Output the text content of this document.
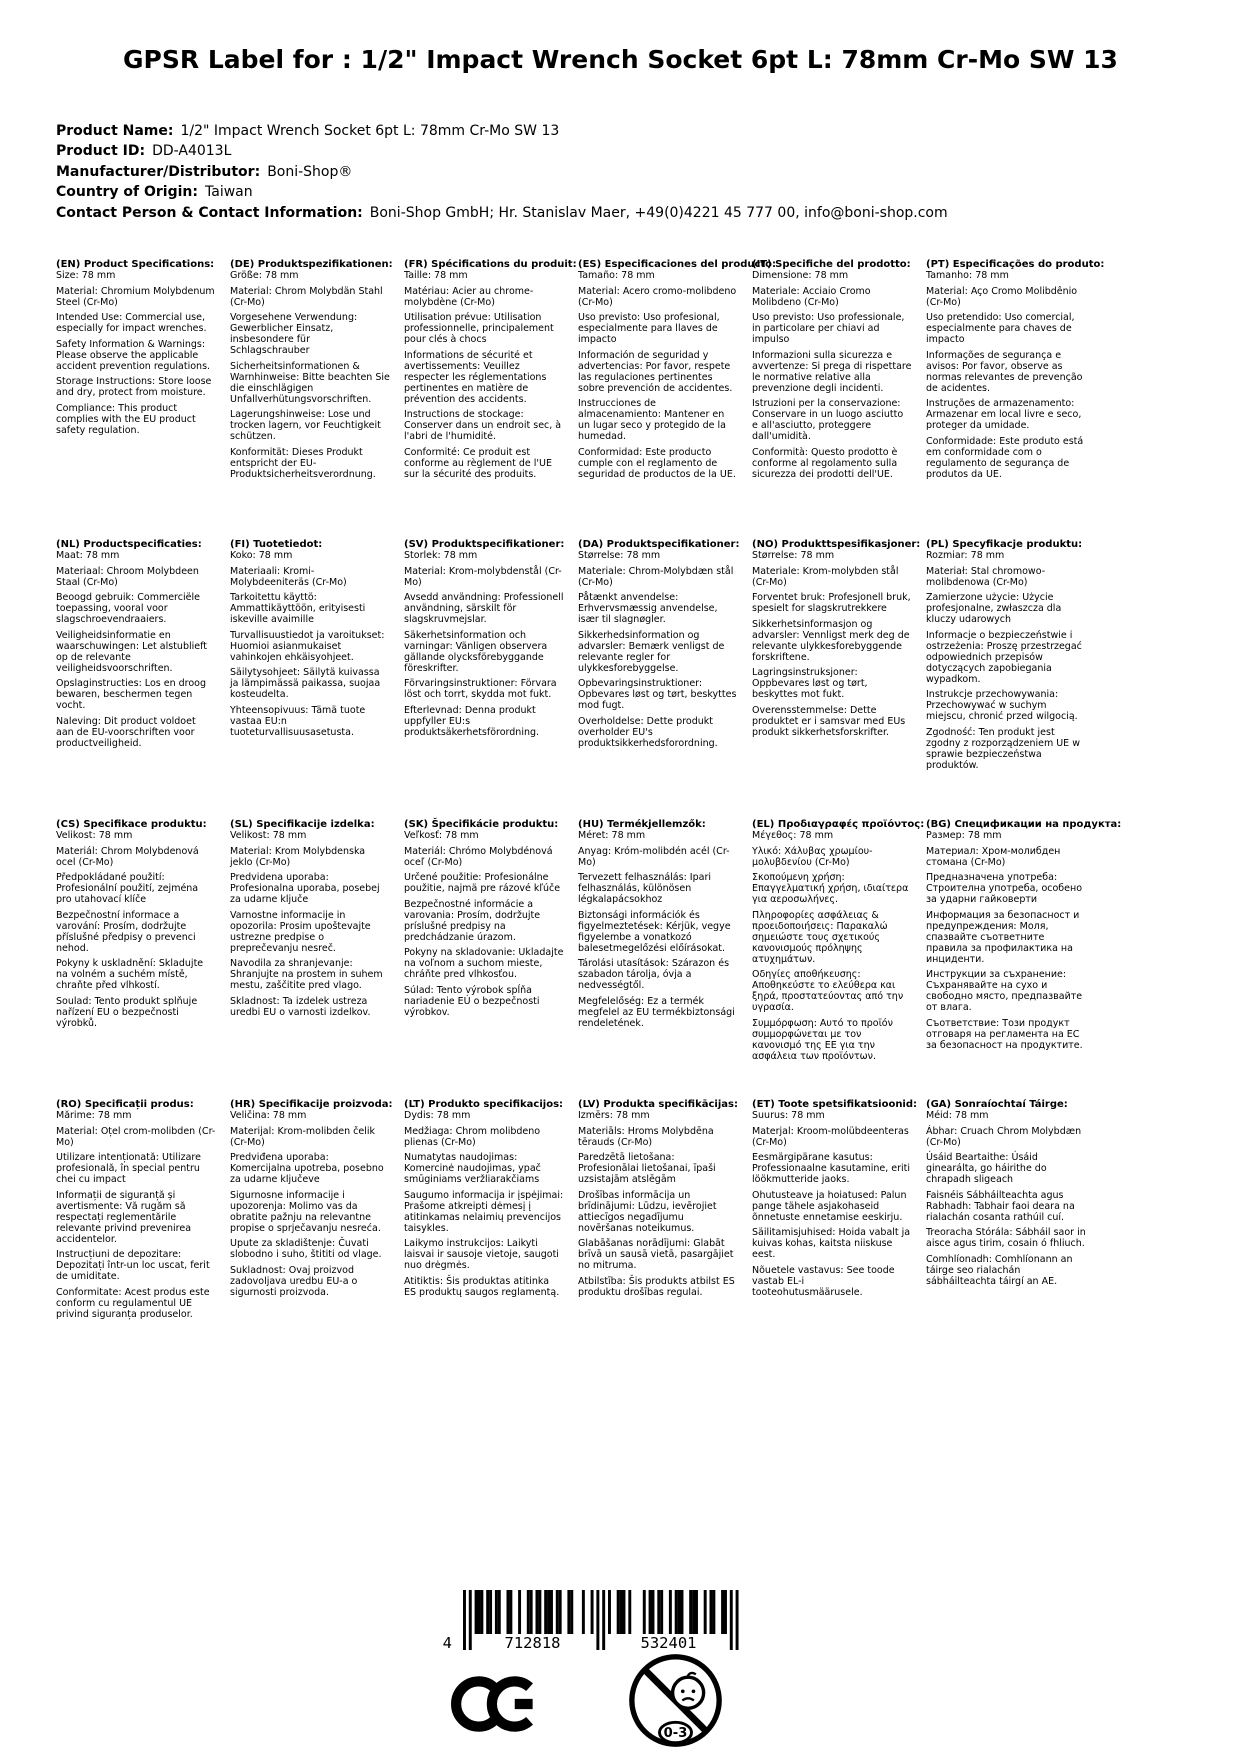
GPSR Label for : 1/2" Impact Wrench Socket 6pt L: 78mm Cr-Mo SW 13
Product Name: 1/2" Impact Wrench Socket 6pt L: 78mm Cr-Mo SW 13
Product ID: DD-A4013L
Manufacturer/Distributor: Boni-Shop®
Country of Origin: Taiwan
Contact Person & Contact Information: Boni-Shop GmbH; Hr. Stanislav Maer, +49(0)4221 45 777 00, info@boni-shop.com
(EN) Product Specifications:

Size: 78 mm

Material: Chromium Molybdenum Steel (Cr-Mo)

Intended Use: Commercial use, especially for impact wrenches.

Safety Information & Warnings: Please observe the applicable accident prevention regulations.

Storage Instructions: Store loose and dry, protect from moisture.

Compliance: This product complies with the EU product safety regulation.

(DE) Produktspezifikationen:

Größe: 78 mm

Material: Chrom Molybdän Stahl (Cr-Mo)

Vorgesehene Verwendung: Gewerblicher Einsatz, insbesondere für Schlagschrauber

Sicherheitsinformationen & Warnhinweise: Bitte beachten Sie die einschlägigen Unfallverhütungsvorschriften.

Lagerungshinweise: Lose und trocken lagern, vor Feuchtigkeit schützen.

Konformität: Dieses Produkt entspricht der EU-Produktsicherheitsverordnung.

(FR) Spécifications du produit:

Taille: 78 mm

Matériau: Acier au chrome-molybdène (Cr-Mo)

Utilisation prévue: Utilisation professionnelle, principalement pour clés à chocs

Informations de sécurité et avertissements: Veuillez respecter les réglementations pertinentes en matière de prévention des accidents.

Instructions de stockage: Conserver dans un endroit sec, à l'abri de l'humidité.

Conformité: Ce produit est conforme au règlement de l'UE sur la sécurité des produits.

(ES) Especificaciones del producto:

Tamaño: 78 mm

Material: Acero cromo-molibdeno (Cr-Mo)

Uso previsto: Uso profesional, especialmente para llaves de impacto

Información de seguridad y advertencias: Por favor, respete las regulaciones pertinentes sobre prevención de accidentes.

Instrucciones de almacenamiento: Mantener en un lugar seco y protegido de la humedad.

Conformidad: Este producto cumple con el reglamento de seguridad de productos de la UE.

(IT) Specifiche del prodotto:

Dimensione: 78 mm

Materiale: Acciaio Cromo Molibdeno (Cr-Mo)

Uso previsto: Uso professionale, in particolare per chiavi ad impulso

Informazioni sulla sicurezza e avvertenze: Si prega di rispettare le normative relative alla prevenzione degli incidenti.

Istruzioni per la conservazione: Conservare in un luogo asciutto e all'asciutto, proteggere dall'umidità.

Conformità: Questo prodotto è conforme al regolamento sulla sicurezza dei prodotti dell'UE.

(PT) Especificações do produto:

Tamanho: 78 mm

Material: Aço Cromo Molibdênio (Cr-Mo)

Uso pretendido: Uso comercial, especialmente para chaves de impacto

Informações de segurança e avisos: Por favor, observe as normas relevantes de prevenção de acidentes.

Instruções de armazenamento: Armazenar em local livre e seco, proteger da umidade.

Conformidade: Este produto está em conformidade com o regulamento de segurança de produtos da UE.

(NL) Productspecificaties:

Maat: 78 mm

Materiaal: Chroom Molybdeen Staal (Cr-Mo)

Beoogd gebruik: Commerciële toepassing, vooral voor slagschroevendraaiers.

Veiligheidsinformatie en waarschuwingen: Let alstublieft op de relevante veiligheidsvoorschriften.

Opslaginstructies: Los en droog bewaren, beschermen tegen vocht.

Naleving: Dit product voldoet aan de EU-voorschriften voor productveiligheid.

(FI) Tuotetiedot:

Koko: 78 mm

Materiaali: Kromi-Molybdeeniteräs (Cr-Mo)

Tarkoitettu käyttö: Ammattikäyttöön, erityisesti iskeville avaimille

Turvallisuustiedot ja varoitukset: Huomioi asianmukaiset vahinkojen ehkäisyohjeet.

Säilytysohjeet: Säilytä kuivassa ja lämpimässä paikassa, suojaa kosteudelta.

Yhteensopivuus: Tämä tuote vastaa EU:n tuoteturvallisuusasetusta.

(SV) Produktspecifikationer:

Storlek: 78 mm

Material: Krom-molybdenstål (Cr-Mo)

Avsedd användning: Professionell användning, särskilt för slagskruvmejslar.

Säkerhetsinformation och varningar: Vänligen observera gällande olycksförebyggande föreskrifter.

Förvaringsinstruktioner: Förvara löst och torrt, skydda mot fukt.

Efterlevnad: Denna produkt uppfyller EU:s produktsäkerhetsförordning.

(DA) Produktspecifikationer:

Størrelse: 78 mm

Materiale: Chrom-Molybdæn stål (Cr-Mo)

Påtænkt anvendelse: Erhvervsmæssig anvendelse, især til slagnøgler.

Sikkerhedsinformation og advarsler: Bemærk venligst de relevante regler for ulykkesforebyggelse.

Opbevaringsinstruktioner: Opbevares løst og tørt, beskyttes mod fugt.

Overholdelse: Dette produkt overholder EU's produktsikkerhedsforordning.

(NO) Produkttspesifikasjoner:

Størrelse: 78 mm

Materiale: Krom-molybden stål (Cr-Mo)

Forventet bruk: Profesjonell bruk, spesielt for slagskrutrekkere

Sikkerhetsinformasjon og advarsler: Vennligst merk deg de relevante ulykkesforebyggende forskriftene.

Lagringsinstruksjoner: Oppbevares løst og tørt, beskyttes mot fukt.

Overensstemmelse: Dette produktet er i samsvar med EUs produkt sikkerhetsforskrifter.

(PL) Specyfikacje produktu:

Rozmiar: 78 mm

Materiał: Stal chromowo-molibdenowa (Cr-Mo)

Zamierzone użycie: Użycie profesjonalne, zwłaszcza dla kluczy udarowych

Informacje o bezpieczeństwie i ostrzeżenia: Proszę przestrzegać odpowiednich przepisów dotyczących zapobiegania wypadkom.

Instrukcje przechowywania: Przechowywać w suchym miejscu, chronić przed wilgocią.

Zgodność: Ten produkt jest zgodny z rozporządzeniem UE w sprawie bezpieczeństwa produktów.

(CS) Specifikace produktu:

Velikost: 78 mm

Materiál: Chrom Molybdenová ocel (Cr-Mo)

Předpokládané použití: Profesionální použití, zejména pro utahovací klíče

Bezpečnostní informace a varování: Prosím, dodržujte příslušné předpisy o prevenci nehod.

Pokyny k uskladnění: Skladujte na volném a suchém místě, chraňte před vlhkostí.

Soulad: Tento produkt splňuje nařízení EU o bezpečnosti výrobků.

(SL) Specifikacije izdelka:

Velikost: 78 mm

Material: Krom Molybdenska jeklo (Cr-Mo)

Predvidena uporaba: Profesionalna uporaba, posebej za udarne ključe

Varnostne informacije in opozorila: Prosim upoštevajte ustrezne predpise o preprečevanju nesreč.

Navodila za shranjevanje: Shranjujte na prostem in suhem mestu, zaščitite pred vlago.

Skladnost: Ta izdelek ustreza uredbi EU o varnosti izdelkov.

(SK) Špecifikácie produktu:

Veľkosť: 78 mm

Materiál: Chrómo Molybdénová oceľ (Cr-Mo)

Určené použitie: Profesionálne použitie, najmä pre rázové kľúče

Bezpečnostné informácie a varovania: Prosím, dodržujte príslušné predpisy na predchádzanie úrazom.

Pokyny na skladovanie: Ukladajte na voľnom a suchom mieste, chráňte pred vlhkosťou.

Súlad: Tento výrobok spĺňa nariadenie EÚ o bezpečnosti výrobkov.

(HU) Termékjellemzők:

Méret: 78 mm

Anyag: Króm-molibdén acél (Cr-Mo)

Tervezett felhasználás: Ipari felhasználás, különösen légkalapácsokhoz

Biztonsági információk és figyelmeztetések: Kérjük, vegye figyelembe a vonatkozó balesetmegelőzési előírásokat.

Tárolási utasítások: Szárazon és szabadon tárolja, óvja a nedvességtől.

Megfelelőség: Ez a termék megfelel az EU termékbiztonsági rendeletének.

(EL) Προδιαγραφές προϊόντος:

Μέγεθος: 78 mm

Υλικό: Χάλυβας χρωμίου-μολυβδενίου (Cr-Mo)

Σκοπούμενη χρήση: Επαγγελματική χρήση, ιδιαίτερα για αεροσωλήνες.

Πληροφορίες ασφάλειας & προειδοποιήσεις: Παρακαλώ σημειώστε τους σχετικούς κανονισμούς πρόληψης ατυχημάτων.

Οδηγίες αποθήκευσης: Αποθηκεύστε το ελεύθερα και ξηρά, προστατεύοντας από την υγρασία.

Συμμόρφωση: Αυτό το προϊόν συμμορφώνεται με τον κανονισμό της ΕΕ για την ασφάλεια των προϊόντων.

(BG) Спецификации на продукта:

Размер: 78 mm

Материал: Хром-молибден стомана (Cr-Mo)

Предназначена употреба: Строителна употреба, особено за ударни гайковерти

Информация за безопасност и предупреждения: Моля, спазвайте съответните правила за профилактика на инциденти.

Инструкции за съхранение: Съхранявайте на сухо и свободно място, предпазвайте от влага.

Съответствие: Този продукт отговаря на регламента на ЕС за безопасност на продуктите.

(RO) Specificații produs:

Mărime: 78 mm

Material: Oțel crom-molibden (Cr-Mo)

Utilizare intenționată: Utilizare profesională, în special pentru chei cu impact

Informații de siguranță și avertismente: Vă rugăm să respectați reglementările relevante privind prevenirea accidentelor.

Instrucțiuni de depozitare: Depozitați într-un loc uscat, ferit de umiditate.

Conformitate: Acest produs este conform cu regulamentul UE privind siguranța produselor.

(HR) Specifikacije proizvoda:

Veličina: 78 mm

Materijal: Krom-molibden čelik (Cr-Mo)

Predviđena uporaba: Komercijalna upotreba, posebno za udarne ključeve

Sigurnosne informacije i upozorenja: Molimo vas da obratite pažnju na relevantne propise o sprječavanju nesreća.

Upute za skladištenje: Čuvati slobodno i suho, štititi od vlage.

Sukladnost: Ovaj proizvod zadovoljava uredbu EU-a o sigurnosti proizvoda.

(LT) Produkto specifikacijos:

Dydis: 78 mm

Medžiaga: Chrom molibdeno plienas (Cr-Mo)

Numatytas naudojimas: Komercinė naudojimas, ypač smūginiams veržliarakčiams

Saugumo informacija ir įspėjimai: Prašome atkreipti dėmesį į atitinkamas nelaimių prevencijos taisykles.

Laikymo instrukcijos: Laikyti laisvai ir sausoje vietoje, saugoti nuo drėgmės.

Atitiktis: Šis produktas atitinka ES produktų saugos reglamentą.

(LV) Produkta specifikācijas:

Izmērs: 78 mm

Materiāls: Hroms Molybdēna tērauds (Cr-Mo)

Paredzētā lietošana: Profesionālai lietošanai, īpaši uzsistajām atslēgām

Drošības informācija un brīdinājumi: Lūdzu, ievērojiet attiecīgos negadījumu novēršanas noteikumus.

Glabāšanas norādījumi: Glabāt brīvā un sausā vietā, pasargājiet no mitruma.

Atbilstība: Šis produkts atbilst ES produktu drošības regulai.

(ET) Toote spetsifikatsioonid:

Suurus: 78 mm

Materjal: Kroom-molübdeenteras (Cr-Mo)

Eesmärgipärane kasutus: Professionaalne kasutamine, eriti löökmutteride jaoks.

Ohutusteave ja hoiatused: Palun pange tähele asjakohaseid õnnetuste ennetamise eeskirju.

Säilitamisjuhised: Hoida vabalt ja kuivas kohas, kaitsta niiskuse eest.

Nõuetele vastavus: See toode vastab EL-i tooteohutusmäärusele.

(GA) Sonraíochtaí Táirge:

Méid: 78 mm

Ábhar: Cruach Chrom Molybdæn (Cr-Mo)

Úsáid Beartaithe: Úsáid ginearálta, go háirithe do chrapadh sligeach

Faisnéis Sábháilteachta agus Rabhadh: Tabhair faoi deara na rialachán cosanta rathúil cuí.

Treoracha Stórála: Sábháil saor in aisce agus tirim, cosain ó fhliuch.

Comhlíonadh: Comhlíonann an táirge seo rialachán sábháilteachta táirgí an AE.

4	712818	532401
0-3
